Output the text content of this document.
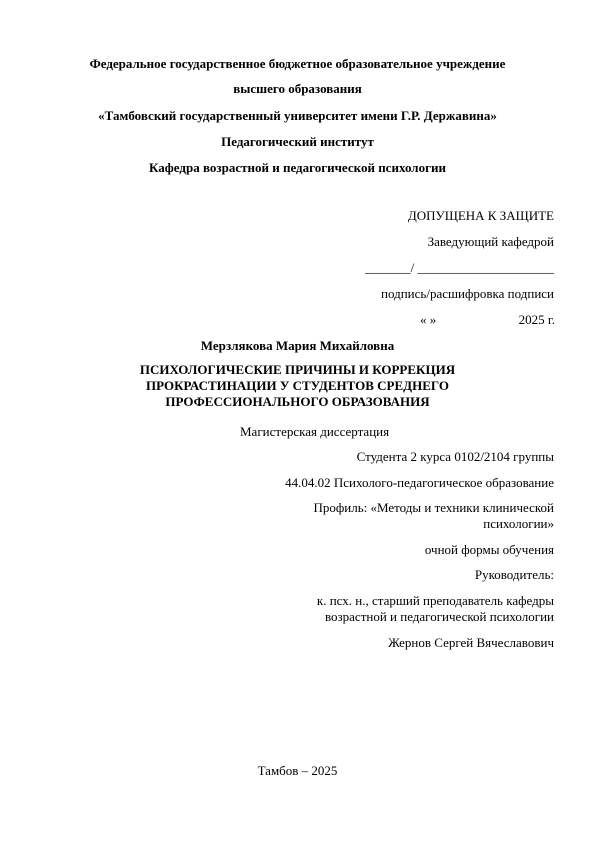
Федеральное государственное бюджетное образовательное учреждение
высшего образования
«Тамбовский государственный университет имени Г.Р. Державина»
Педагогический институт
Кафедра возрастной и педагогической психологии
ДОПУЩЕНА К ЗАЩИТЕ
Заведующий кафедрой
_______/ _____________________
подпись/расшифровка подписи
« »	2025 г.
Мерзлякова Мария Михайловна
ПСИХОЛОГИЧЕСКИЕ ПРИЧИНЫ И КОРРЕКЦИЯ
ПРОКРАСТИНАЦИИ У СТУДЕНТОВ СРЕДНЕГО
ПРОФЕССИОНАЛЬНОГО ОБРАЗОВАНИЯ
Магистерская диссертация
Студента 2 курса 0102/2104 группы
44.04.02 Психолого-педагогическое образование
Профиль: «Методы и техники клинической
психологии»
очной формы обучения
Руководитель:
к. псх. н., старший преподаватель кафедры
возрастной и педагогической психологии
Жернов Сергей Вячеславович
Тамбов – 2025
